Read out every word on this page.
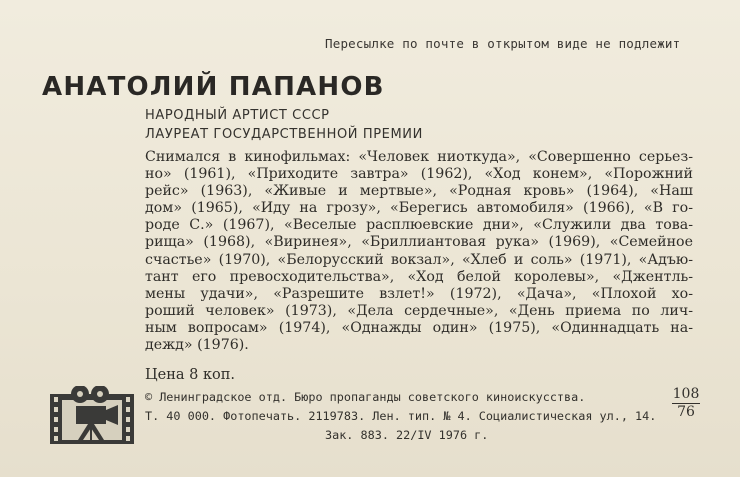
Пересылке по почте в открытом виде не подлежит
АНАТОЛИЙ ПАПАНОВ
НАРОДНЫЙ АРТИСТ СССР
ЛАУРЕАТ ГОСУДАРСТВЕННОЙ ПРЕМИИ
Снимался в кинофильмах: «Человек ниоткуда», «Совершенно серьез-
но» (1961), «Приходите завтра» (1962), «Ход конем», «Порожний
рейс» (1963), «Живые и мертвые», «Родная кровь» (1964), «Наш
дом» (1965), «Иду на грозу», «Берегись автомобиля» (1966), «В го-
роде С.» (1967), «Веселые расплюевские дни», «Служили два това-
рища» (1968), «Виринея», «Бриллиантовая рука» (1969), «Семейное
счастье» (1970), «Белорусский вокзал», «Хлеб и соль» (1971), «Адъю-
тант его превосходительства», «Ход белой королевы», «Джентль-
мены удачи», «Разрешите взлет!» (1972), «Дача», «Плохой хо-
роший человек» (1973), «Дела сердечные», «День приема по лич-
ным вопросам» (1974), «Однажды один» (1975), «Одиннадцать на-
дежд» (1976).
Цена 8 коп.
© Ленинградское отд. Бюро пропаганды советского киноискусства.
Т. 40 000. Фотопечать. 2119783. Лен. тип. № 4. Социалистическая ул., 14.
Зак. 883. 22/IV 1976 г.
$\frac{108}{76}$
